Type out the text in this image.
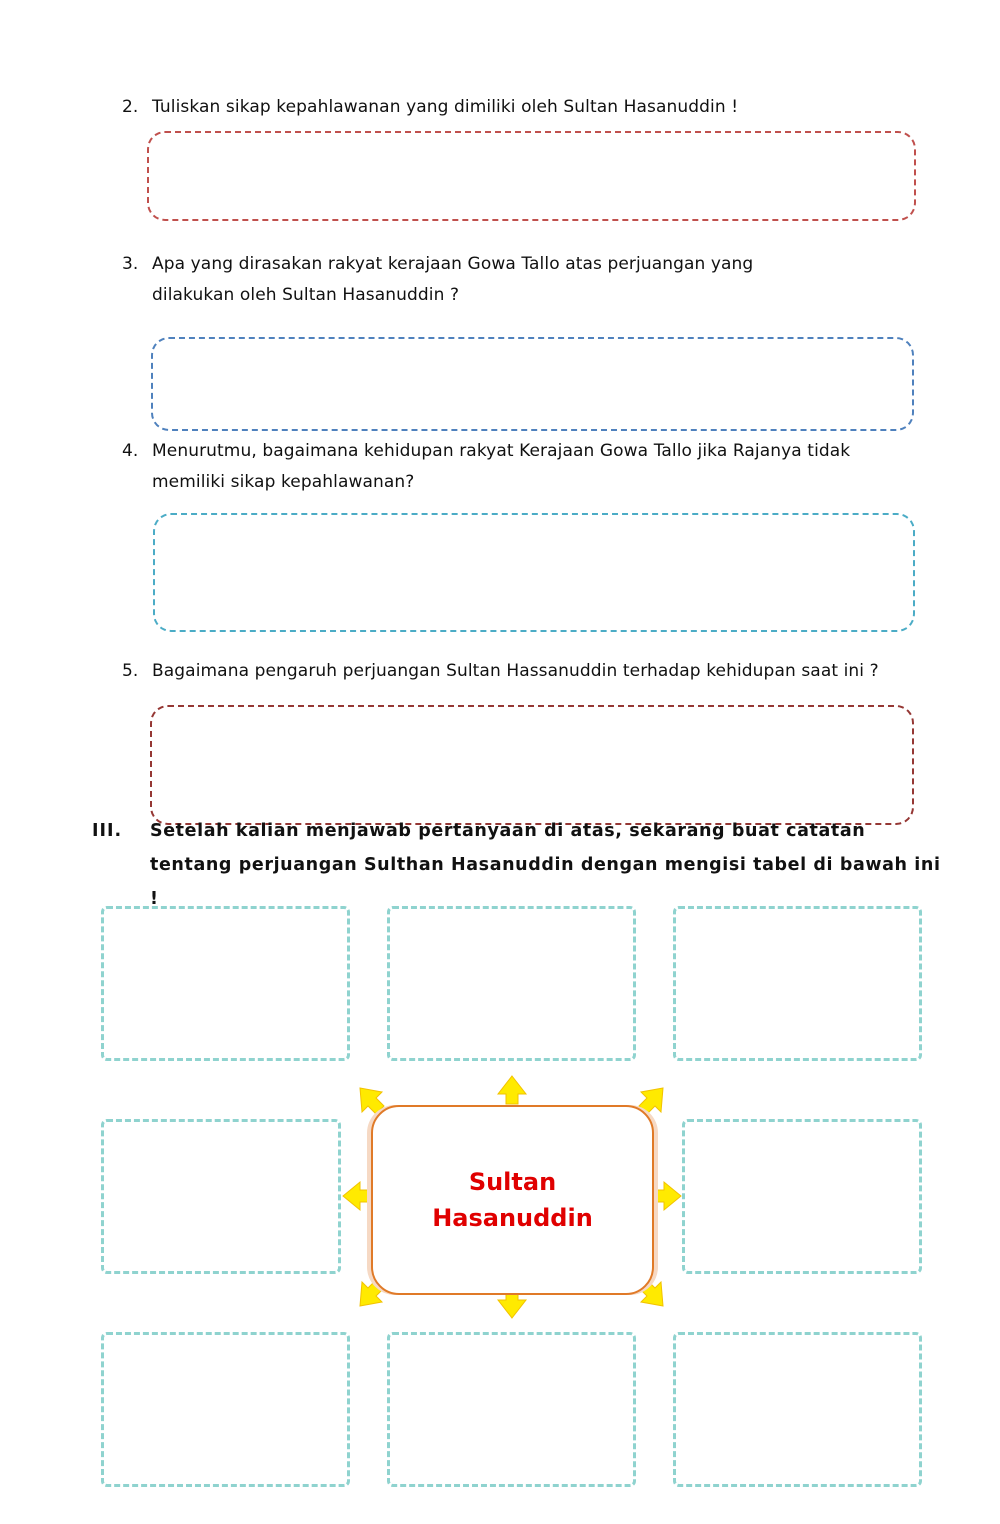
2. Tuliskan sikap kepahlawanan yang dimiliki oleh Sultan Hasanuddin !
3. Apa yang dirasakan rakyat kerajaan Gowa Tallo atas perjuangan yang
dilakukan oleh Sultan Hasanuddin ?
4. Menurutmu, bagaimana kehidupan rakyat Kerajaan Gowa Tallo jika Rajanya tidak
memiliki sikap kepahlawanan?
5. Bagaimana pengaruh perjuangan Sultan Hassanuddin terhadap kehidupan saat ini ?
III.	Setelah kalian menjawab pertanyaan di atas, sekarang buat catatan
tentang perjuangan Sulthan Hasanuddin dengan mengisi tabel di bawah ini !
Sultan
Hasanuddin
